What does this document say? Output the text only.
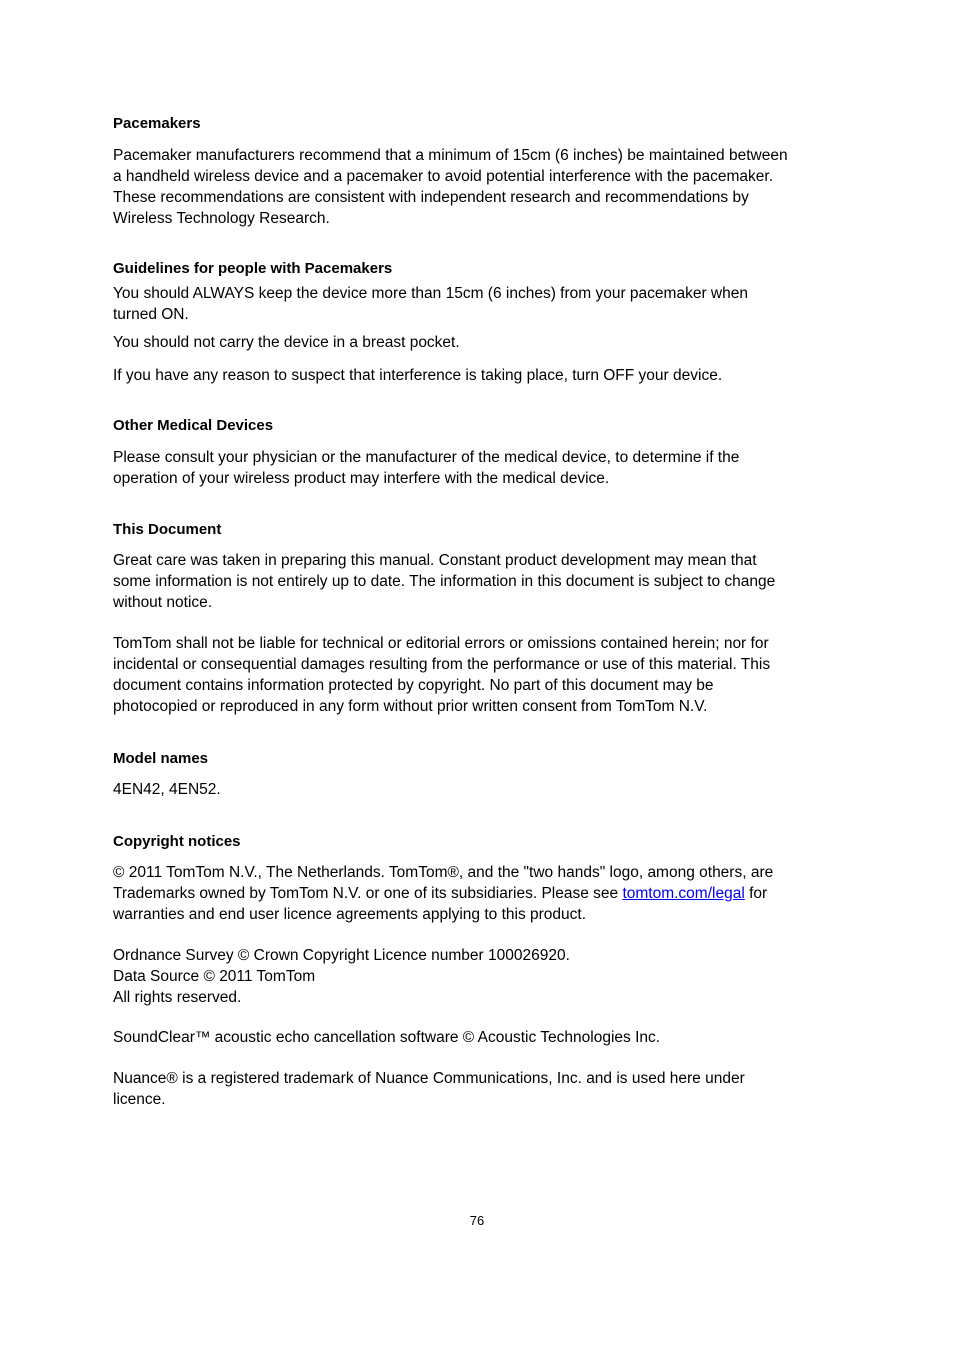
Pacemakers
Pacemaker manufacturers recommend that a minimum of 15cm (6 inches) be maintained between
a handheld wireless device and a pacemaker to avoid potential interference with the pacemaker.
These recommendations are consistent with independent research and recommendations by
Wireless Technology Research.
Guidelines for people with Pacemakers
You should ALWAYS keep the device more than 15cm (6 inches) from your pacemaker when
turned ON.
You should not carry the device in a breast pocket.
If you have any reason to suspect that interference is taking place, turn OFF your device.
Other Medical Devices
Please consult your physician or the manufacturer of the medical device, to determine if the
operation of your wireless product may interfere with the medical device.
This Document
Great care was taken in preparing this manual. Constant product development may mean that
some information is not entirely up to date. The information in this document is subject to change
without notice.
TomTom shall not be liable for technical or editorial errors or omissions contained herein; nor for
incidental or consequential damages resulting from the performance or use of this material. This
document contains information protected by copyright. No part of this document may be
photocopied or reproduced in any form without prior written consent from TomTom N.V.
Model names
4EN42, 4EN52.
Copyright notices
© 2011 TomTom N.V., The Netherlands. TomTom®, and the "two hands" logo, among others, are
Trademarks owned by TomTom N.V. or one of its subsidiaries. Please see tomtom.com/legal for
warranties and end user licence agreements applying to this product.
Ordnance Survey © Crown Copyright Licence number 100026920.
Data Source © 2011 TomTom
All rights reserved.
SoundClear™ acoustic echo cancellation software © Acoustic Technologies Inc.
Nuance® is a registered trademark of Nuance Communications, Inc. and is used here under
licence.
76
